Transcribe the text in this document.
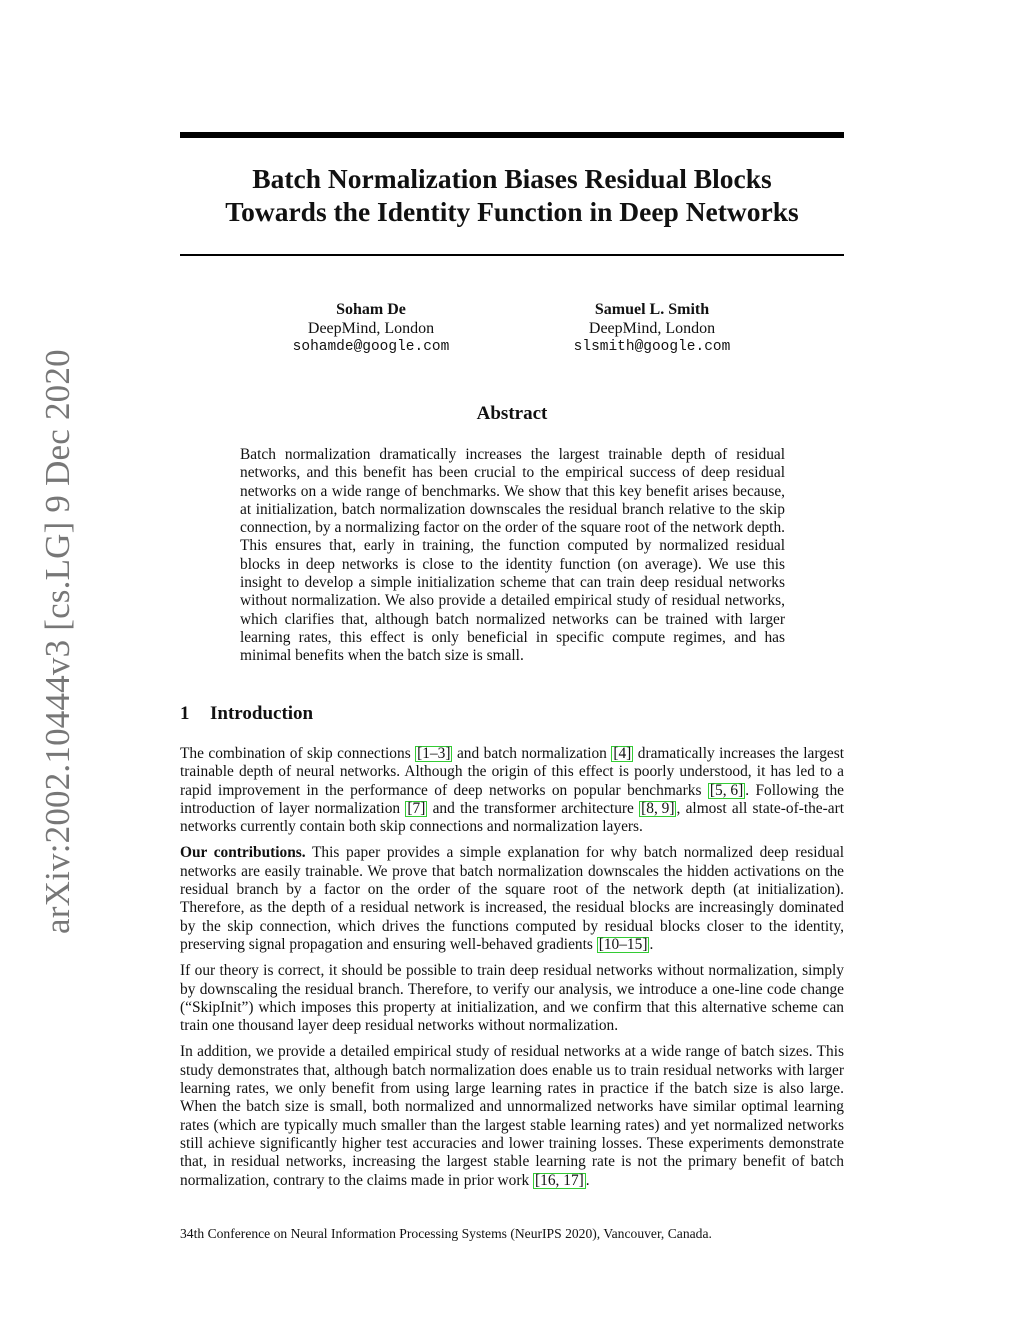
arXiv:2002.10444v3 [cs.LG] 9 Dec 2020
Batch Normalization Biases Residual Blocks
Towards the Identity Function in Deep Networks
Soham De
DeepMind, London
sohamde@google.com
Samuel L. Smith
DeepMind, London
slsmith@google.com
Abstract

Batch normalization dramatically increases the largest trainable depth of residual networks, and this benefit has been crucial to the empirical success of deep residual networks on a wide range of benchmarks. We show that this key benefit arises because, at initialization, batch normalization downscales the residual branch relative to the skip connection, by a normalizing factor on the order of the square root of the network depth. This ensures that, early in training, the function computed by normalized residual blocks in deep networks is close to the identity function (on average). We use this insight to develop a simple initialization scheme that can train deep residual networks without normalization. We also provide a detailed empirical study of residual networks, which clarifies that, although batch normalized networks can be trained with larger learning rates, this effect is only beneficial in specific compute regimes, and has minimal benefits when the batch size is small.

1 Introduction

The combination of skip connections [1–3] and batch normalization [4] dramatically increases the largest trainable depth of neural networks. Although the origin of this effect is poorly understood, it has led to a rapid improvement in the performance of deep networks on popular benchmarks [5, 6] . Following the introduction of layer normalization [7] and the transformer architecture [8, 9] , almost all state-of-the-art networks currently contain both skip connections and normalization layers.

Our contributions. This paper provides a simple explanation for why batch normalized deep residual networks are easily trainable. We prove that batch normalization downscales the hidden activations on the residual branch by a factor on the order of the square root of the network depth (at initialization). Therefore, as the depth of a residual network is increased, the residual blocks are increasingly dominated by the skip connection, which drives the functions computed by residual blocks closer to the identity, preserving signal propagation and ensuring well-behaved gradients [10–15] .

If our theory is correct, it should be possible to train deep residual networks without normalization, simply by downscaling the residual branch. Therefore, to verify our analysis, we introduce a one-line code change (“SkipInit”) which imposes this property at initialization, and we confirm that this alternative scheme can train one thousand layer deep residual networks without normalization.

In addition, we provide a detailed empirical study of residual networks at a wide range of batch sizes. This study demonstrates that, although batch normalization does enable us to train residual networks with larger learning rates, we only benefit from using large learning rates in practice if the batch size is also large. When the batch size is small, both normalized and unnormalized networks have similar optimal learning rates (which are typically much smaller than the largest stable learning rates) and yet normalized networks still achieve significantly higher test accuracies and lower training losses. These experiments demonstrate that, in residual networks, increasing the largest stable learning rate is not the primary benefit of batch normalization, contrary to the claims made in prior work [16, 17] .

34th Conference on Neural Information Processing Systems (NeurIPS 2020), Vancouver, Canada.
